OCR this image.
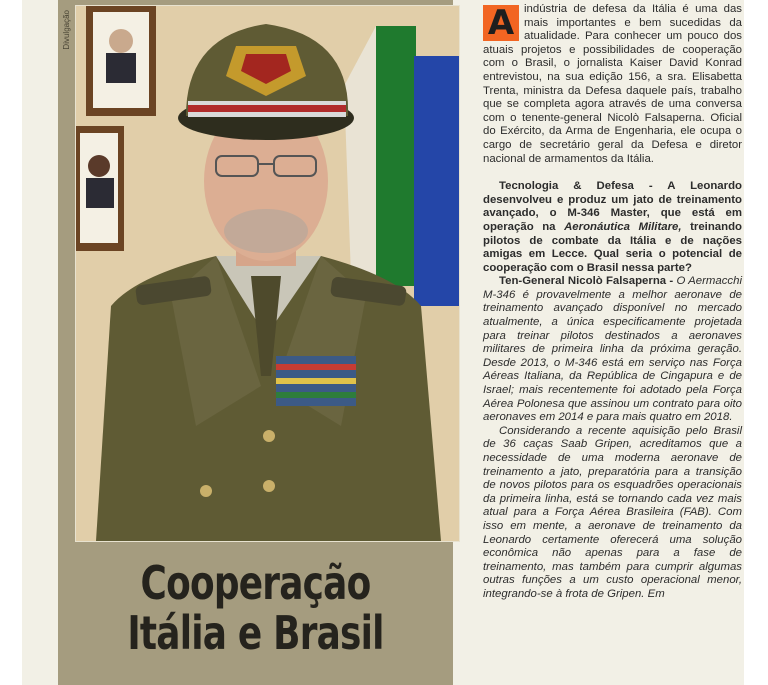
Divulgação
Cooperação
Itália e Brasil
A indústria de defesa da Itália é uma das mais importantes e bem sucedidas da atualidade. Para conhecer um pouco dos atuais projetos e possibilidades de cooperação com o Brasil, o jornalista Kaiser David Konrad entrevistou, na sua edição 156, a sra. Elisabetta Trenta, ministra da Defesa daquele país, trabalho que se completa agora através de uma conversa com o tenente-general Nicolò Falsaperna. Oficial do Exército, da Arma de Engenharia, ele ocupa o cargo de secretário geral da Defesa e diretor nacional de armamentos da Itália.

Tecnologia & Defesa - A Leonardo desenvolveu e produz um jato de treinamento avançado, o M-346 Master, que está em operação na Aeronáutica Militare, treinando pilotos de combate da Itália e de nações amigas em Lecce. Qual seria o potencial de cooperação com o Brasil nessa parte?

Ten-General Nicolò Falsaperna - O Aermacchi M-346 é provavelmente a melhor aeronave de treinamento avançado disponível no mercado atualmente, a única especificamente projetada para treinar pilotos destinados a aeronaves militares de primeira linha da próxima geração. Desde 2013, o M-346 está em serviço nas Força Aéreas Italiana, da República de Cingapura e de Israel; mais recentemente foi adotado pela Força Aérea Polonesa que assinou um contrato para oito aeronaves em 2014 e para mais quatro em 2018.

Considerando a recente aquisição pelo Brasil de 36 caças Saab Gripen, acreditamos que a necessidade de uma moderna aeronave de treinamento a jato, preparatória para a transição de novos pilotos para os esquadrões operacionais da primeira linha, está se tornando cada vez mais atual para a Força Aérea Brasileira (FAB). Com isso em mente, a aeronave de treinamento da Leonardo certamente oferecerá uma solução econômica não apenas para a fase de treinamento, mas também para cumprir algumas outras funções a um custo operacional menor, integrando-se à frota de Gripen. Em
